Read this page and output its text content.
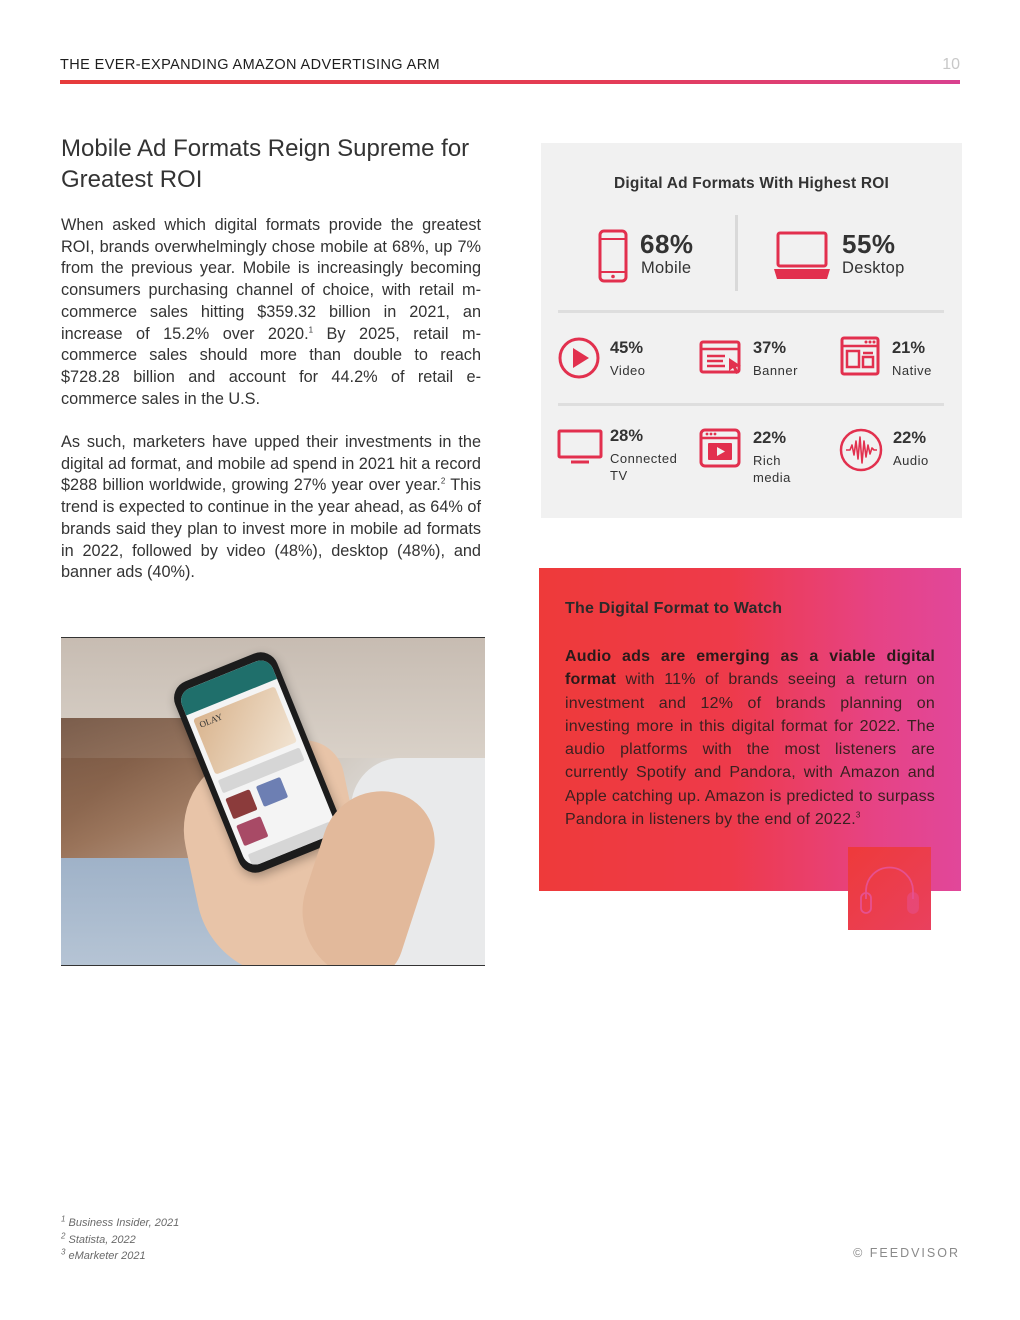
THE EVER-EXPANDING AMAZON ADVERTISING ARM	10
Mobile Ad Formats Reign Supreme for Greatest ROI

When asked which digital formats provide the greatest ROI, brands overwhelmingly chose mobile at 68%, up 7% from the previous year. Mobile is increasingly becoming consumers purchasing channel of choice, with retail m-commerce sales hitting $359.32 billion in 2021, an increase of 15.2% over 2020.$^1$ By 2025, retail m-commerce sales should more than double to reach $728.28 billion and account for 44.2% of retail e-commerce sales in the U.S.

As such, marketers have upped their investments in the digital ad format, and mobile ad spend in 2021 hit a record $288 billion worldwide, growing 27% year over year.$^2$ This trend is expected to continue in the year ahead, as 64% of brands said they plan to invest more in mobile ad formats in 2022, followed by video (48%), desktop (48%), and banner ads (40%).

OLAY
Digital Ad Formats With Highest ROI
68%
Mobile
55%
Desktop
45%
Video
37%
Banner
21%
Native
28%
Connected TV
22%
Rich media
22%
Audio
The Digital Format to Watch

Audio ads are emerging as a viable digital format with 11% of brands seeing a return on investment and 12% of brands planning on investing more in this digital format for 2022. The audio platforms with the most listeners are currently Spotify and Pandora, with Amazon and Apple catching up. Amazon is predicted to surpass Pandora in listeners by the end of 2022.$^3$

$^1$ Business Insider, 2021
$^2$ Statista, 2022
$^3$ eMarketer 2021	© FEEDVISOR
